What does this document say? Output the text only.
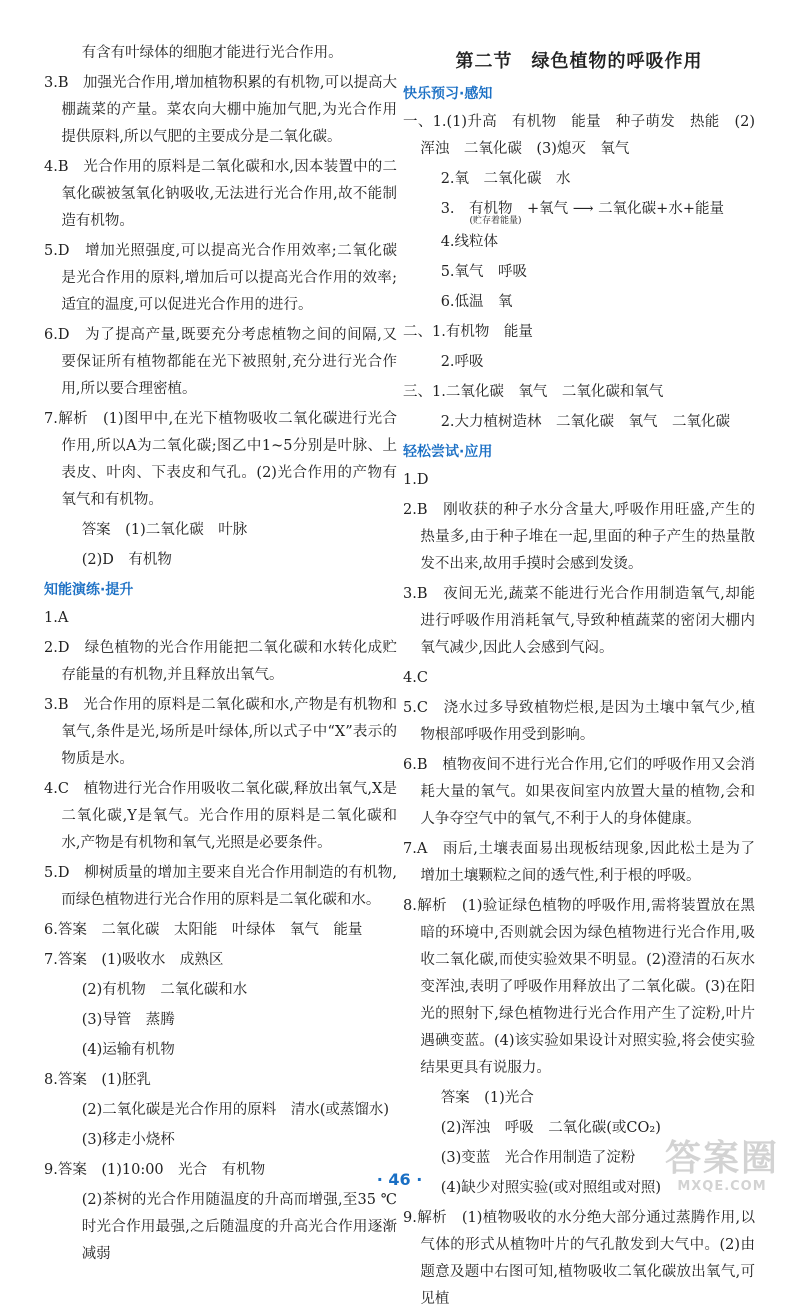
有含有叶绿体的细胞才能进行光合作用。
3.B　加强光合作用,增加植物积累的有机物,可以提高大棚蔬菜的产量。菜农向大棚中施加气肥,为光合作用提供原料,所以气肥的主要成分是二氧化碳。
4.B　光合作用的原料是二氧化碳和水,因本装置中的二氧化碳被氢氧化钠吸收,无法进行光合作用,故不能制造有机物。
5.D　增加光照强度,可以提高光合作用效率;二氧化碳是光合作用的原料,增加后可以提高光合作用的效率;适宜的温度,可以促进光合作用的进行。
6.D　为了提高产量,既要充分考虑植物之间的间隔,又要保证所有植物都能在光下被照射,充分进行光合作用,所以要合理密植。
7.解析　(1)图甲中,在光下植物吸收二氧化碳进行光合作用,所以A为二氧化碳;图乙中1~5分别是叶脉、上表皮、叶肉、下表皮和气孔。(2)光合作用的产物有氧气和有机物。
答案　(1)二氧化碳　叶脉
(2)D　有机物
知能演练·提升
1.A
2.D　绿色植物的光合作用能把二氧化碳和水转化成贮存能量的有机物,并且释放出氧气。
3.B　光合作用的原料是二氧化碳和水,产物是有机物和氧气,条件是光,场所是叶绿体,所以式子中“X”表示的物质是水。
4.C　植物进行光合作用吸收二氧化碳,释放出氧气,X是二氧化碳,Y是氧气。光合作用的原料是二氧化碳和水,产物是有机物和氧气,光照是必要条件。
5.D　柳树质量的增加主要来自光合作用制造的有机物,而绿色植物进行光合作用的原料是二氧化碳和水。
6.答案　二氧化碳　太阳能　叶绿体　氧气　能量
7.答案　(1)吸收水　成熟区
(2)有机物　二氧化碳和水
(3)导管　蒸腾
(4)运输有机物
8.答案　(1)胚乳
(2)二氧化碳是光合作用的原料　清水(或蒸馏水)
(3)移走小烧杯
9.答案　(1)10:00　光合　有机物
(2)茶树的光合作用随温度的升高而增强,至35 ℃时光合作用最强,之后随温度的升高光合作用逐渐减弱
第二节　绿色植物的呼吸作用
快乐预习·感知
一、1.(1)升高　有机物　能量　种子萌发　热能　(2)浑浊　二氧化碳　(3)熄灭　氧气
2.氧　二氧化碳　水
3.　有机物　+氧气 ⟶ 二氧化碳+水+能量
(贮存着能量)
4.线粒体
5.氧气　呼吸
6.低温　氧
二、1.有机物　能量
2.呼吸
三、1.二氧化碳　氧气　二氧化碳和氧气
2.大力植树造林　二氧化碳　氧气　二氧化碳
轻松尝试·应用
1.D
2.B　刚收获的种子水分含量大,呼吸作用旺盛,产生的热量多,由于种子堆在一起,里面的种子产生的热量散发不出来,故用手摸时会感到发烫。
3.B　夜间无光,蔬菜不能进行光合作用制造氧气,却能进行呼吸作用消耗氧气,导致种植蔬菜的密闭大棚内氧气减少,因此人会感到气闷。
4.C
5.C　浇水过多导致植物烂根,是因为土壤中氧气少,植物根部呼吸作用受到影响。
6.B　植物夜间不进行光合作用,它们的呼吸作用又会消耗大量的氧气。如果夜间室内放置大量的植物,会和人争夺空气中的氧气,不利于人的身体健康。
7.A　雨后,土壤表面易出现板结现象,因此松土是为了增加土壤颗粒之间的透气性,利于根的呼吸。
8.解析　(1)验证绿色植物的呼吸作用,需将装置放在黑暗的环境中,否则就会因为绿色植物进行光合作用,吸收二氧化碳,而使实验效果不明显。(2)澄清的石灰水变浑浊,表明了呼吸作用释放出了二氧化碳。(3)在阳光的照射下,绿色植物进行光合作用产生了淀粉,叶片遇碘变蓝。(4)该实验如果设计对照实验,将会使实验结果更具有说服力。
答案　(1)光合
(2)浑浊　呼吸　二氧化碳(或CO₂)
(3)变蓝　光合作用制造了淀粉
(4)缺少对照实验(或对照组或对照)
9.解析　(1)植物吸收的水分绝大部分通过蒸腾作用,以气体的形式从植物叶片的气孔散发到大气中。(2)由题意及题中右图可知,植物吸收二氧化碳放出氧气,可见植
· 46 ·
答案圈
MXQE.COM
